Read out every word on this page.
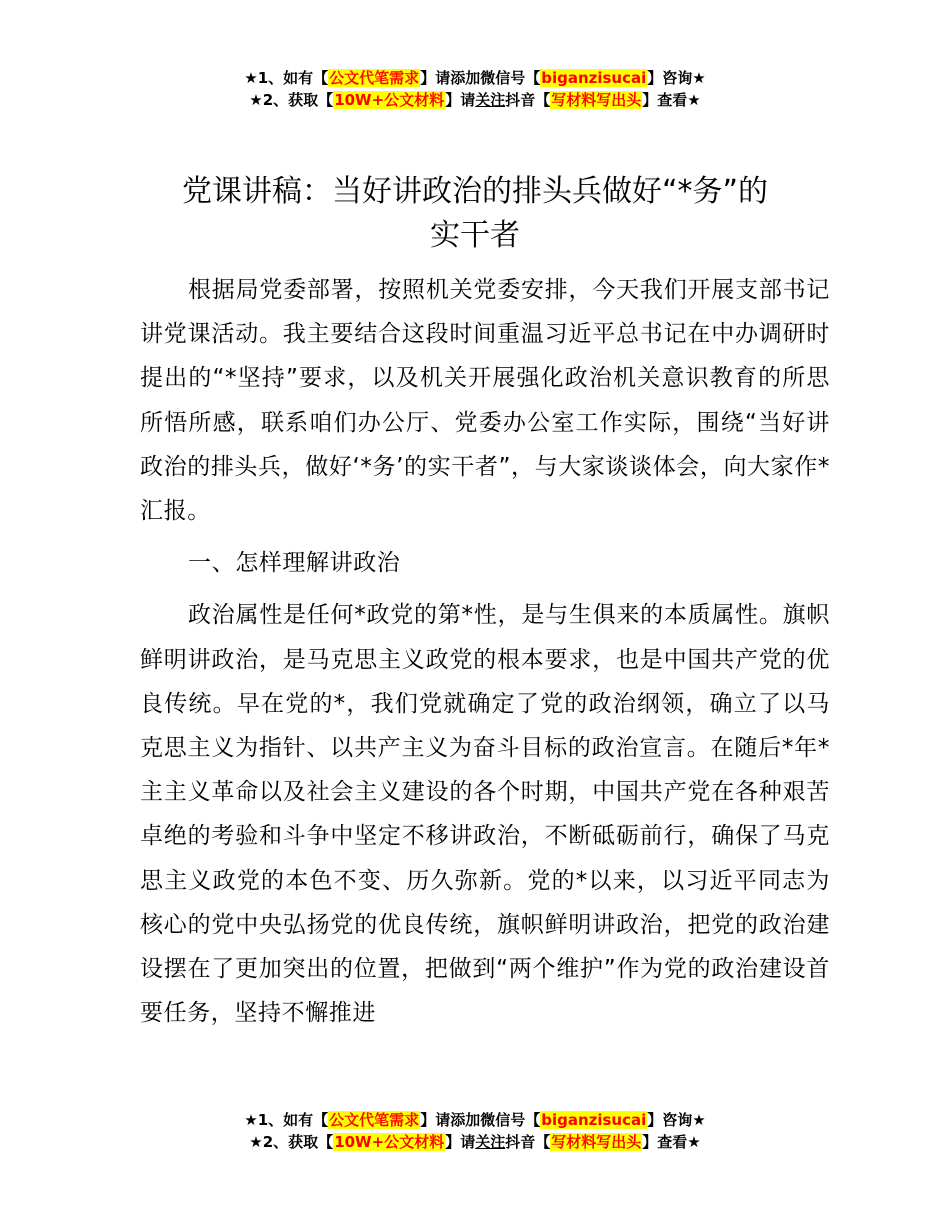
★1、如有【公文代笔需求】请添加微信号【biganzisucai】咨询★
★2、获取【10W+公文材料】请关注抖音【写材料写出头】查看★
党课讲稿：当好讲政治的排头兵做好“*务”的
实干者

根据局党委部署，按照机关党委安排，今天我们开展支部书记讲党课活动。我主要结合这段时间重温习近平总书记在中办调研时提出的“*坚持”要求，以及机关开展强化政治机关意识教育的所思所悟所感，联系咱们办公厅、党委办公室工作实际，围绕“当好讲政治的排头兵，做好‘*务’的实干者”，与大家谈谈体会，向大家作*汇报。

一、怎样理解讲政治

政治属性是任何*政党的第*性，是与生俱来的本质属性。旗帜鲜明讲政治，是马克思主义政党的根本要求，也是中国共产党的优良传统。早在党的*，我们党就确定了党的政治纲领，确立了以马克思主义为指针、以共产主义为奋斗目标的政治宣言。在随后*年*主主义革命以及社会主义建设的各个时期，中国共产党在各种艰苦卓绝的考验和斗争中坚定不移讲政治，不断砥砺前行，确保了马克思主义政党的本色不变、历久弥新。党的*以来，以习近平同志为核心的党中央弘扬党的优良传统，旗帜鲜明讲政治，把党的政治建设摆在了更加突出的位置，把做到“两个维护”作为党的政治建设首要任务，坚持不懈推进

★1、如有【公文代笔需求】请添加微信号【biganzisucai】咨询★
★2、获取【10W+公文材料】请关注抖音【写材料写出头】查看★
